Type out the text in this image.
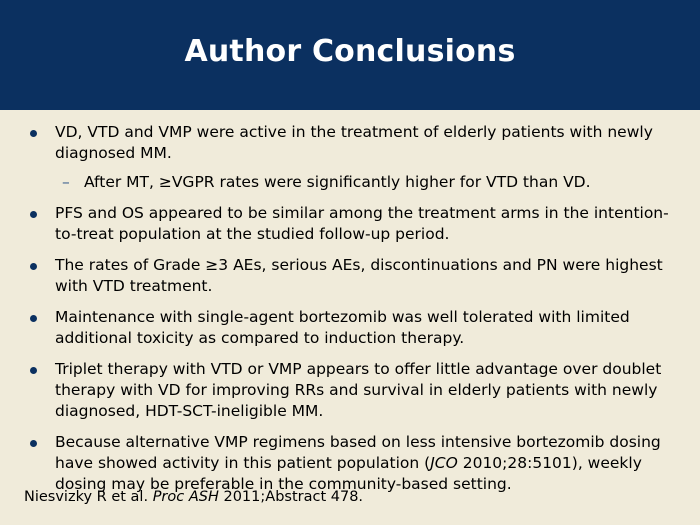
Author Conclusions
VD, VTD and VMP were active in the treatment of elderly patients with newly diagnosed MM.
– After MT, ≥VGPR rates were significantly higher for VTD than VD.
PFS and OS appeared to be similar among the treatment arms in the intention-to-treat population at the studied follow-up period.
The rates of Grade ≥3 AEs, serious AEs, discontinuations and PN were highest with VTD treatment.
Maintenance with single-agent bortezomib was well tolerated with limited additional toxicity as compared to induction therapy.
Triplet therapy with VTD or VMP appears to offer little advantage over doublet therapy with VD for improving RRs and survival in elderly patients with newly diagnosed, HDT-SCT-ineligible MM.
Because alternative VMP regimens based on less intensive bortezomib dosing have showed activity in this patient population (JCO 2010;28:5101), weekly dosing may be preferable in the community-based setting.
Niesvizky R et al. Proc ASH 2011;Abstract 478.
